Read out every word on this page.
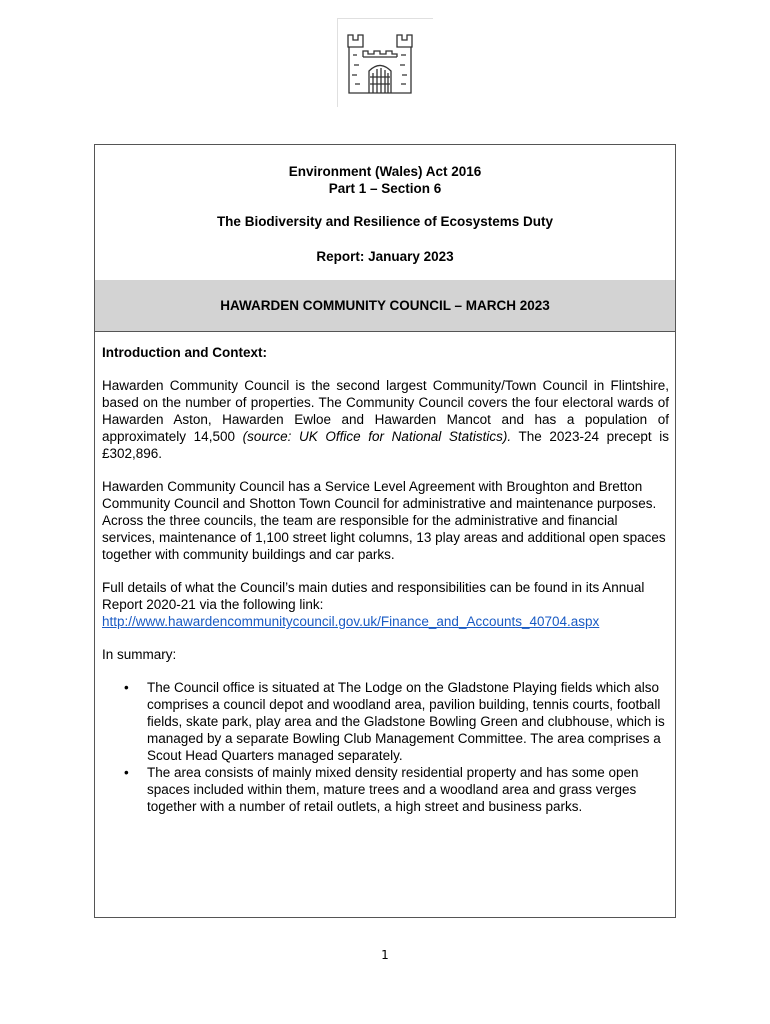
Environment (Wales) Act 2016
Part 1 – Section 6
The Biodiversity and Resilience of Ecosystems Duty
Report: January 2023
HAWARDEN COMMUNITY COUNCIL – MARCH 2023
Introduction and Context:

Hawarden Community Council is the second largest Community/Town Council in Flintshire, based on the number of properties. The Community Council covers the four electoral wards of Hawarden Aston, Hawarden Ewloe and Hawarden Mancot and has a population of approximately 14,500 (source: UK Office for National Statistics). The 2023-24 precept is £302,896.

Hawarden Community Council has a Service Level Agreement with Broughton and Bretton Community Council and Shotton Town Council for administrative and maintenance purposes. Across the three councils, the team are responsible for the administrative and financial services, maintenance of 1,100 street light columns, 13 play areas and additional open spaces together with community buildings and car parks.

Full details of what the Council’s main duties and responsibilities can be found in its Annual Report 2020-21 via the following link:
http://www.hawardencommunitycouncil.gov.uk/Finance_and_Accounts_40704.aspx

In summary:

• The Council office is situated at The Lodge on the Gladstone Playing fields which also comprises a council depot and woodland area, pavilion building, tennis courts, football fields, skate park, play area and the Gladstone Bowling Green and clubhouse, which is managed by a separate Bowling Club Management Committee. The area comprises a Scout Head Quarters managed separately.
• The area consists of mainly mixed density residential property and has some open spaces included within them, mature trees and a woodland area and grass verges together with a number of retail outlets, a high street and business parks.
1
